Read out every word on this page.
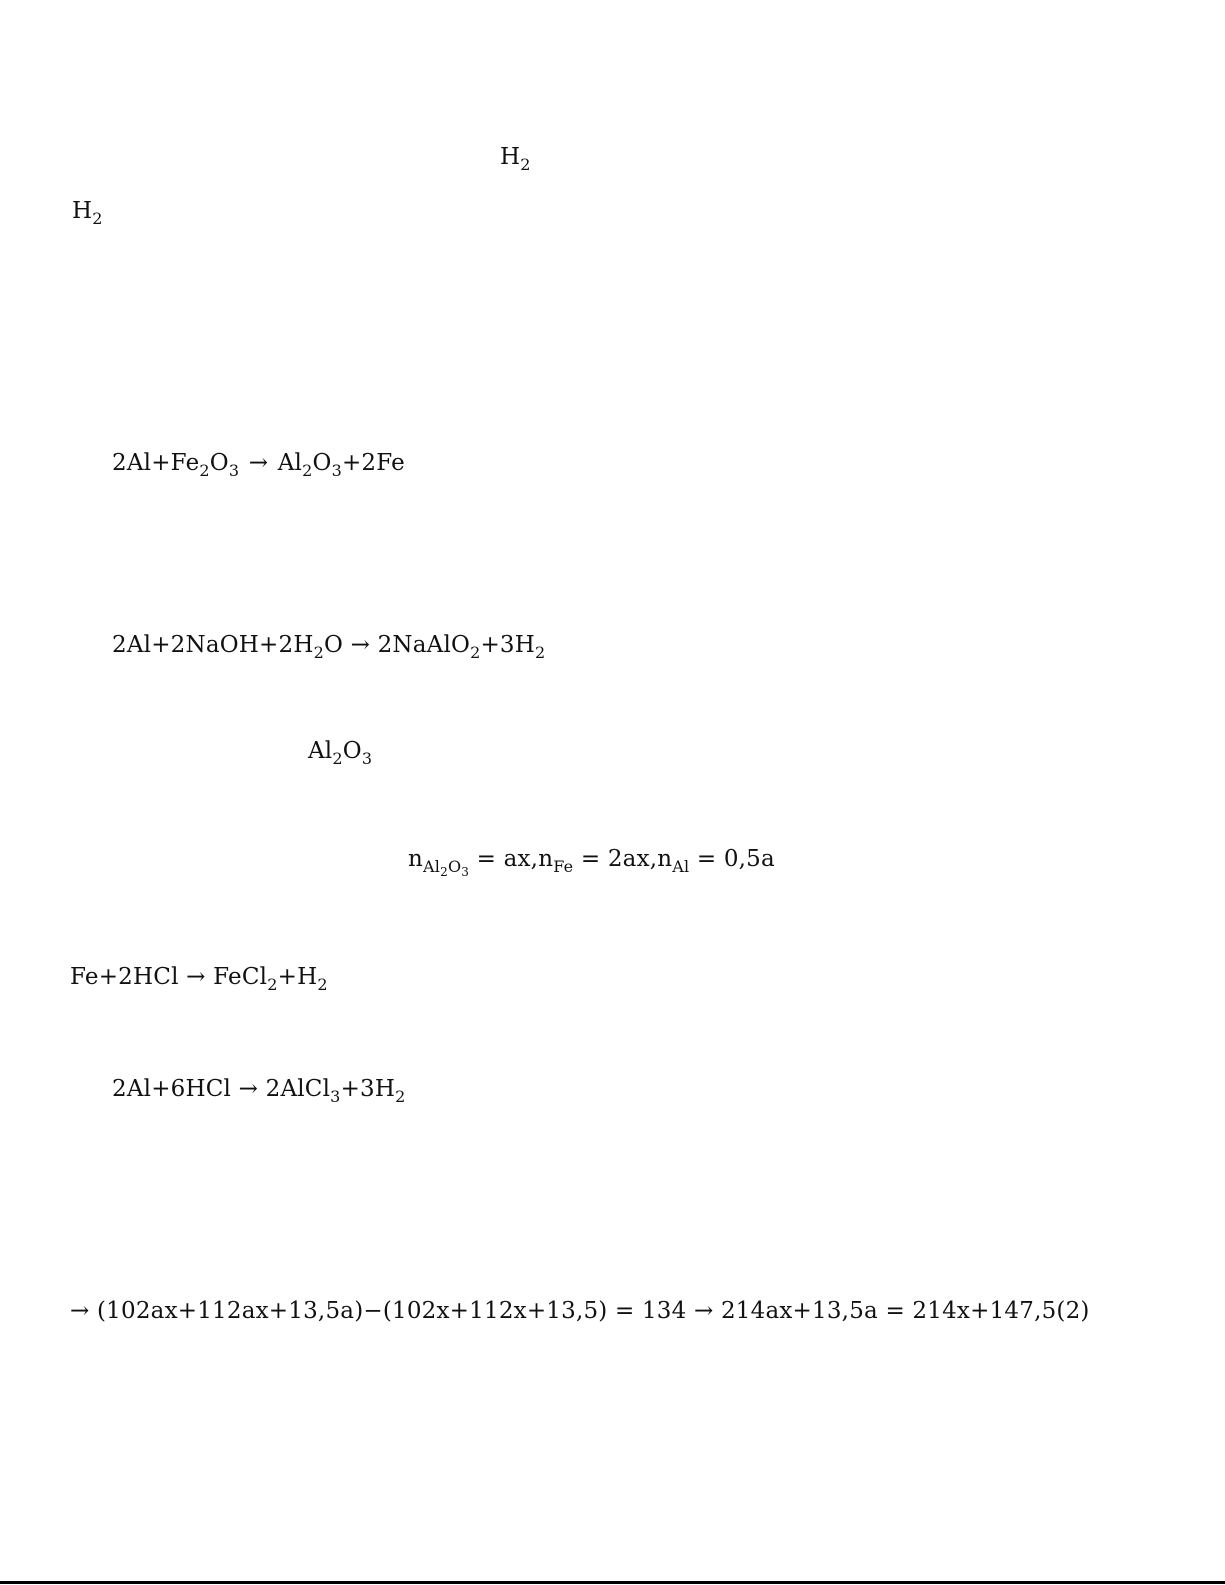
$H_2$
$H_2$
$2Al+Fe_2O_3 \to Al_2O_3+2Fe$
$2Al+2NaOH+2H_2O$ → $2NaAlO_2+3H_2$
$Al_2O_3$
$n_{Al_2O_3} = ax,n_{Fe} = 2ax,n_{Al} = 0,5a$
$Fe+2HCl \to FeCl_2+H_2$
$2Al+6HCl \to 2AlCl_3+3H_2$
→ (102ax+112ax+13,5a)−(102x+112x+13,5) = 134 → 214ax+13,5a = 214x+147,5(2)
